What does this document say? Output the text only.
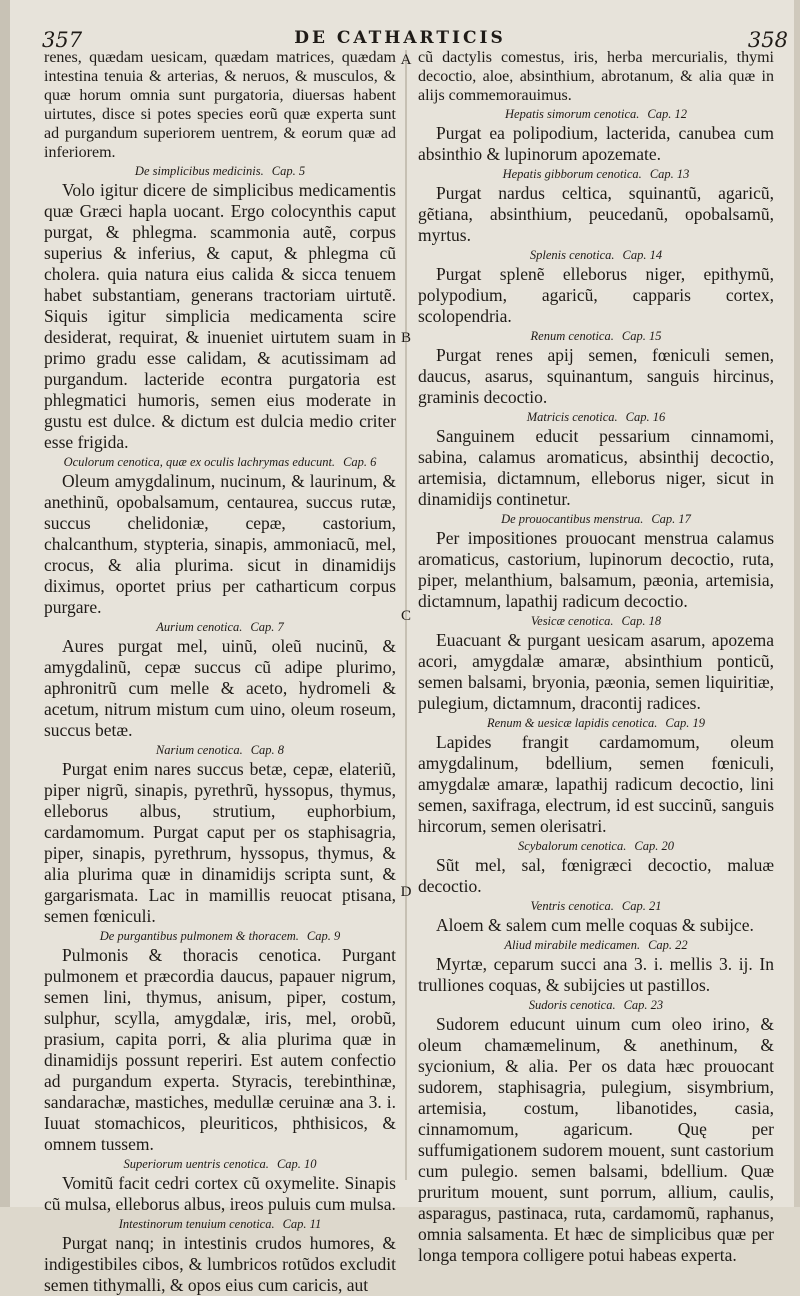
357	DE CATHARTICIS	358
A
B
C
D

renes, quædam uesicam, quædam matrices, quædam intestina tenuia & arterias, & neruos, & musculos, & quæ horum omnia sunt purgatoria, diuersas habent uirtutes, disce si potes species eorũ quæ experta sunt ad purgandum superiorem uentrem, & eorum quæ ad inferiorem.

De simplicibus medicinis. Cap. 5

Volo igitur dicere de simplicibus medicamentis quæ Græci hapla uocant. Ergo colocynthis caput purgat, & phlegma. scammonia autẽ, corpus superius & inferius, & caput, & phlegma cũ cholera. quia natura eius calida & sicca tenuem habet substantiam, generans tractoriam uirtutẽ. Siquis igitur simplicia medicamenta scire desiderat, requirat, & inueniet uirtutem suam in primo gradu esse calidam, & acutissimam ad purgandum. lacteride econtra purgatoria est phlegmatici humoris, semen eius moderate in gustu est dulce. & dictum est dulcia medio criter esse frigida.

Oculorum cenotica, quæ ex oculis lachrymas educunt. Cap. 6

Oleum amygdalinum, nucinum, & laurinum, & anethinũ, opobalsamum, centaurea, succus rutæ, succus chelidoniæ, cepæ, castorium, chalcanthum, stypteria, sinapis, ammoniacũ, mel, crocus, & alia plurima. sicut in dinamidijs diximus, oportet prius per catharticum corpus purgare.

Aurium cenotica. Cap. 7

Aures purgat mel, uinũ, oleũ nucinũ, & amygdalinũ, cepæ succus cũ adipe plurimo, aphronitrũ cum melle & aceto, hydromeli & acetum, nitrum mistum cum uino, oleum roseum, succus betæ.

Narium cenotica. Cap. 8

Purgat enim nares succus betæ, cepæ, elateriũ, piper nigrũ, sinapis, pyrethrũ, hyssopus, thymus, elleborus albus, strutium, euphorbium, cardamomum. Purgat caput per os staphisagria, piper, sinapis, pyrethrum, hyssopus, thymus, & alia plurima quæ in dinamidijs scripta sunt, & gargarismata. Lac in mamillis reuocat ptisana, semen fœniculi.

De purgantibus pulmonem & thoracem. Cap. 9

Pulmonis & thoracis cenotica. Purgant pulmonem et præcordia daucus, papauer nigrum, semen lini, thymus, anisum, piper, costum, sulphur, scylla, amygdalæ, iris, mel, orobũ, prasium, capita porri, & alia plurima quæ in dinamidijs possunt reperiri. Est autem confectio ad purgandum experta. Styracis, terebinthinæ, sandarachæ, mastiches, medullæ ceruinæ ana 3. i. Iuuat stomachicos, pleuriticos, phthisicos, & omnem tussem.

Superiorum uentris cenotica. Cap. 10

Vomitũ facit cedri cortex cũ oxymelite. Sinapis cũ mulsa, elleborus albus, ireos puluis cum mulsa.

Intestinorum tenuium cenotica. Cap. 11

Purgat nanq; in intestinis crudos humores, & indigestibiles cibos, & lumbricos rotũdos excludit semen tithymalli, & opos eius cum caricis, aut

cũ dactylis comestus, iris, herba mercurialis, thymi decoctio, aloe, absinthium, abrotanum, & alia quæ in alijs commemorauimus.

Hepatis simorum cenotica. Cap. 12

Purgat ea polipodium, lacterida, canubea cum absinthio & lupinorum apozemate.

Hepatis gibborum cenotica. Cap. 13

Purgat nardus celtica, squinantũ, agaricũ, gẽtiana, absinthium, peucedanũ, opobalsamũ, myrtus.

Splenis cenotica. Cap. 14

Purgat splenẽ elleborus niger, epithymũ, polypodium, agaricũ, capparis cortex, scolopendria.

Renum cenotica. Cap. 15

Purgat renes apij semen, fœniculi semen, daucus, asarus, squinantum, sanguis hircinus, graminis decoctio.

Matricis cenotica. Cap. 16

Sanguinem educit pessarium cinnamomi, sabina, calamus aromaticus, absinthij decoctio, artemisia, dictamnum, elleborus niger, sicut in dinamidijs continetur.

De prouocantibus menstrua. Cap. 17

Per impositiones prouocant menstrua calamus aromaticus, castorium, lupinorum decoctio, ruta, piper, melanthium, balsamum, pæonia, artemisia, dictamnum, lapathij radicum decoctio.

Vesicæ cenotica. Cap. 18

Euacuant & purgant uesicam asarum, apozema acori, amygdalæ amaræ, absinthium ponticũ, semen balsami, bryonia, pæonia, semen liquiritiæ, pulegium, dictamnum, dracontij radices.

Renum & uesicæ lapidis cenotica. Cap. 19

Lapides frangit cardamomum, oleum amygdalinum, bdellium, semen fœniculi, amygdalæ amaræ, lapathij radicum decoctio, lini semen, saxifraga, electrum, id est succinũ, sanguis hircorum, semen olerisatri.

Scybalorum cenotica. Cap. 20

Sũt mel, sal, fœnigræci decoctio, maluæ decoctio.

Ventris cenotica. Cap. 21

Aloem & salem cum melle coquas & subijce.

Aliud mirabile medicamen. Cap. 22

Myrtæ, ceparum succi ana 3. i. mellis 3. ij. In trulliones coquas, & subijcies ut pastillos.

Sudoris cenotica. Cap. 23

Sudorem educunt uinum cum oleo irino, & oleum chamæmelinum, & anethinum, & sycionium, & alia. Per os data hæc prouocant sudorem, staphisagria, pulegium, sisymbrium, artemisia, costum, libanotides, casia, cinnamomum, agaricum. Quę per suffumigationem sudorem mouent, sunt castorium cum pulegio. semen balsami, bdellium. Quæ pruritum mouent, sunt porrum, allium, caulis, asparagus, pastinaca, ruta, cardamomũ, raphanus, omnia salsamenta. Et hæc de simplicibus quæ per longa tempora colligere potui habeas experta.
